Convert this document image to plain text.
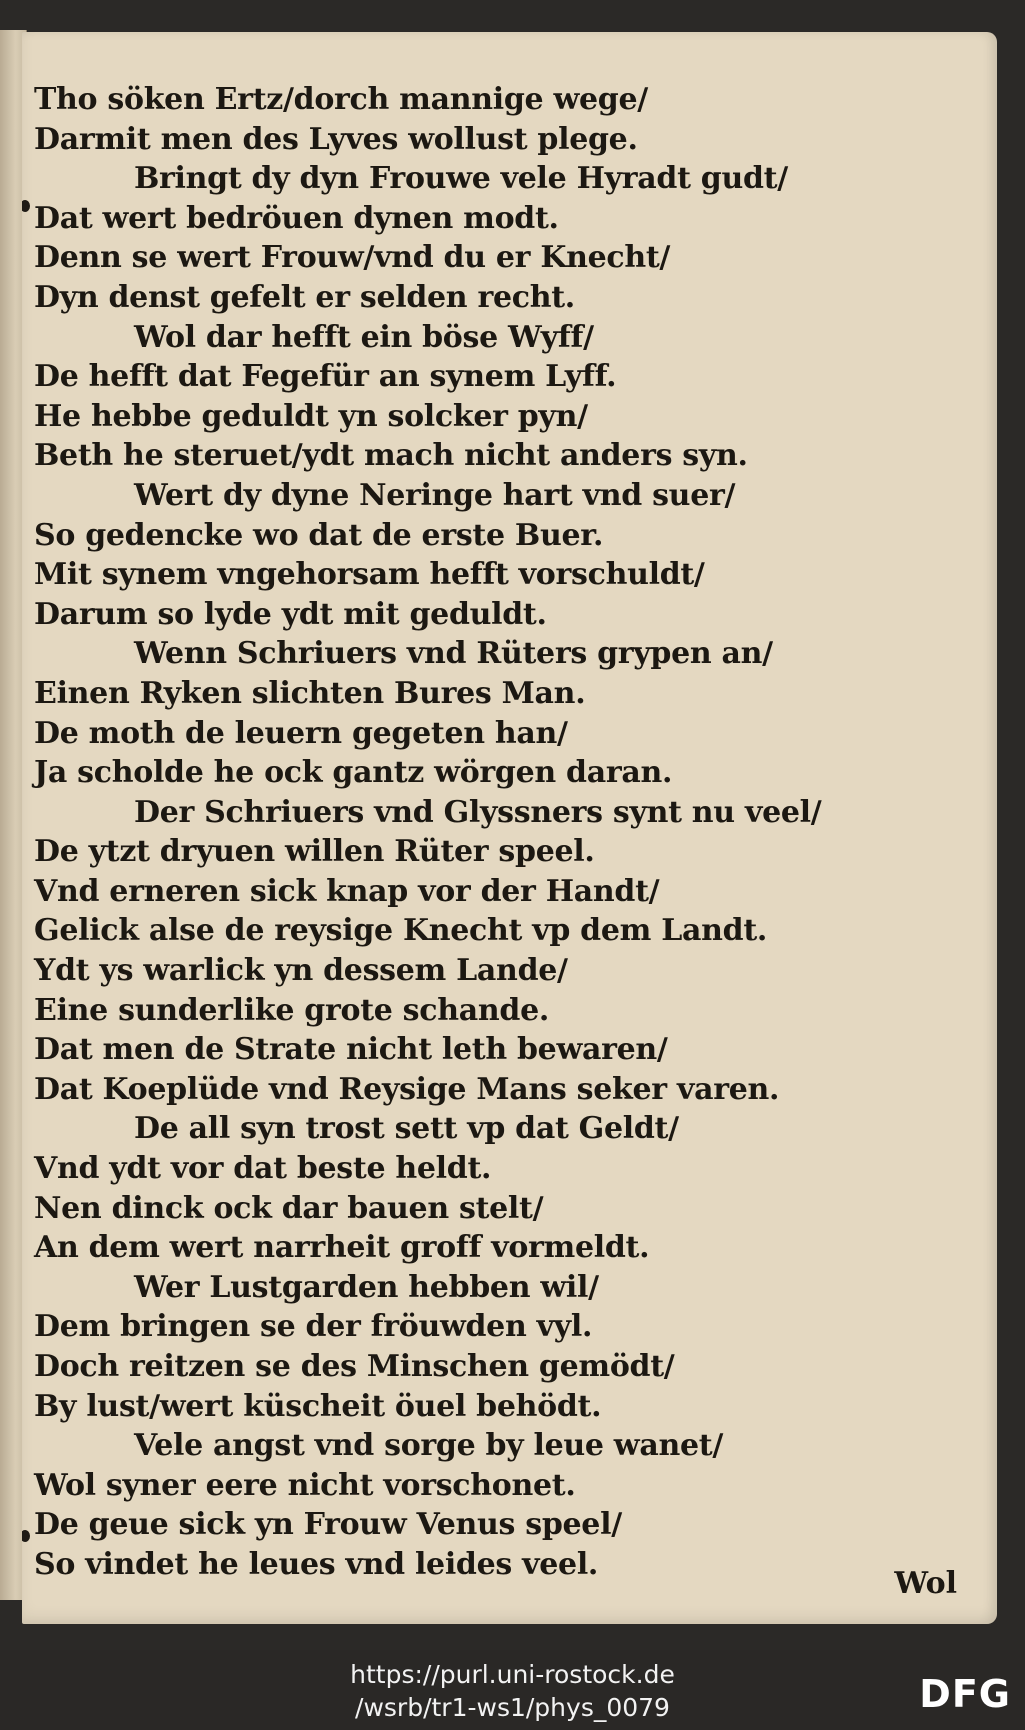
Tho söken Ertz/dorch mannige wege/
Darmit men des Lyves wollust plege.
Bringt dy dyn Frouwe vele Hyradt gudt/
Dat wert bedröuen dynen modt.
Denn se wert Frouw/vnd du er Knecht/
Dyn denst gefelt er selden recht.
Wol dar hefft ein böse Wyff/
De hefft dat Fegefür an synem Lyff.
He hebbe geduldt yn solcker pyn/
Beth he steruet/ydt mach nicht anders syn.
Wert dy dyne Neringe hart vnd suer/
So gedencke wo dat de erste Buer.
Mit synem vngehorsam hefft vorschuldt/
Darum so lyde ydt mit geduldt.
Wenn Schriuers vnd Rüters grypen an/
Einen Ryken slichten Bures Man.
De moth de leuern gegeten han/
Ja scholde he ock gantz wörgen daran.
Der Schriuers vnd Glyssners synt nu veel/
De ytzt dryuen willen Rüter speel.
Vnd erneren sick knap vor der Handt/
Gelick alse de reysige Knecht vp dem Landt.
Ydt ys warlick yn dessem Lande/
Eine sunderlike grote schande.
Dat men de Strate nicht leth bewaren/
Dat Koeplüde vnd Reysige Mans seker varen.
De all syn trost sett vp dat Geldt/
Vnd ydt vor dat beste heldt.
Nen dinck ock dar bauen stelt/
An dem wert narrheit groff vormeldt.
Wer Lustgarden hebben wil/
Dem bringen se der fröuwden vyl.
Doch reitzen se des Minschen gemödt/
By lust/wert küscheit öuel behödt.
Vele angst vnd sorge by leue wanet/
Wol syner eere nicht vorschonet.
De geue sick yn Frouw Venus speel/
So vindet he leues vnd leides veel.
Wol
https://purl.uni-rostock.de
/wsrb/tr1-ws1/phys_0079	DFG
